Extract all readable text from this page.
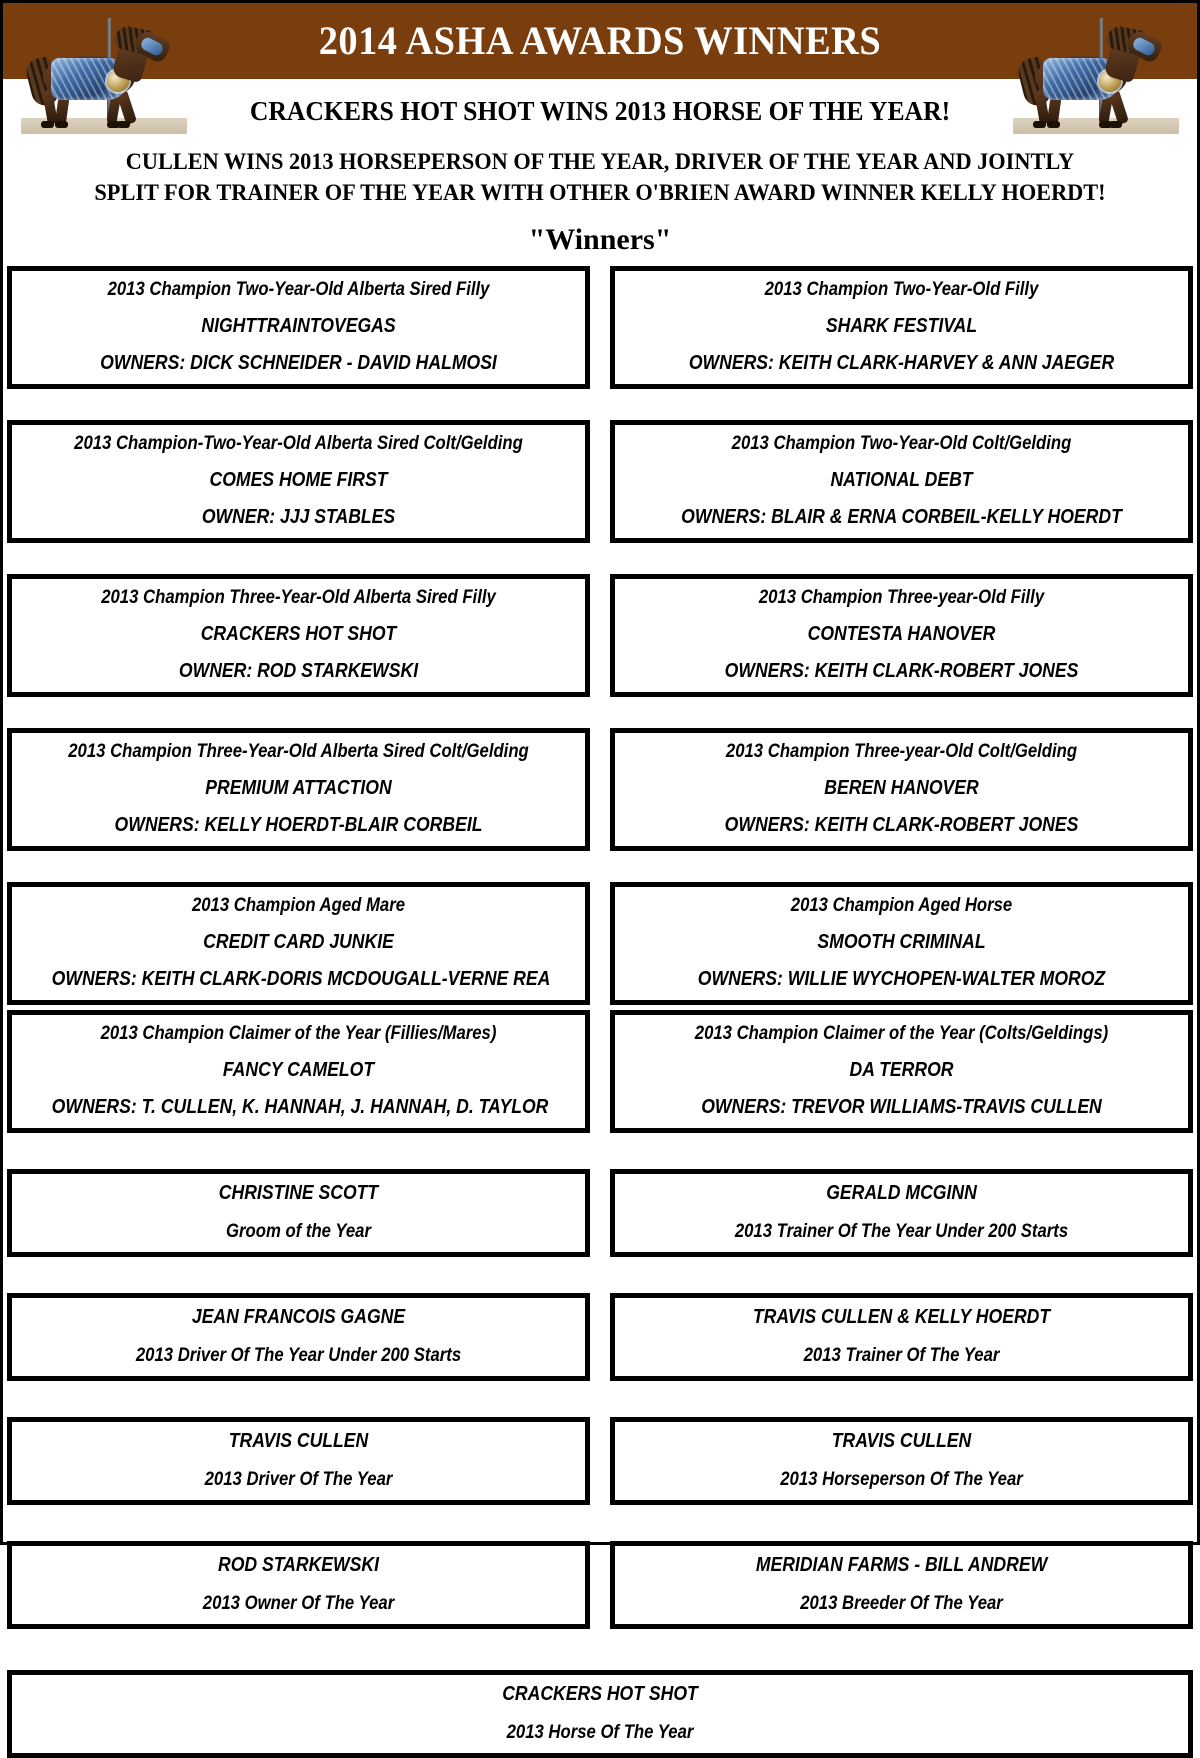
2014 ASHA AWARDS WINNERS
CRACKERS HOT SHOT WINS 2013 HORSE OF THE YEAR!
CULLEN WINS 2013 HORSEPERSON OF THE YEAR, DRIVER OF THE YEAR AND JOINTLY
SPLIT FOR TRAINER OF THE YEAR WITH OTHER O'BRIEN AWARD WINNER KELLY HOERDT!
"Winners"
2013 Champion Two-Year-Old Alberta Sired Filly
NIGHTTRAINTOVEGAS
OWNERS: DICK SCHNEIDER - DAVID HALMOSI
2013 Champion Two-Year-Old Filly
SHARK FESTIVAL
OWNERS: KEITH CLARK-HARVEY & ANN JAEGER
2013 Champion-Two-Year-Old Alberta Sired Colt/Gelding
COMES HOME FIRST
OWNER: JJJ STABLES
2013 Champion Two-Year-Old Colt/Gelding
NATIONAL DEBT
OWNERS: BLAIR & ERNA CORBEIL-KELLY HOERDT
2013 Champion Three-Year-Old Alberta Sired Filly
CRACKERS HOT SHOT
OWNER: ROD STARKEWSKI
2013 Champion Three-year-Old Filly
CONTESTA HANOVER
OWNERS: KEITH CLARK-ROBERT JONES
2013 Champion Three-Year-Old Alberta Sired Colt/Gelding
PREMIUM ATTACTION
OWNERS: KELLY HOERDT-BLAIR CORBEIL
2013 Champion Three-year-Old Colt/Gelding
BEREN HANOVER
OWNERS: KEITH CLARK-ROBERT JONES
2013 Champion Aged Mare
CREDIT CARD JUNKIE
OWNERS: KEITH CLARK-DORIS MCDOUGALL-VERNE REA
2013 Champion Aged Horse
SMOOTH CRIMINAL
OWNERS: WILLIE WYCHOPEN-WALTER MOROZ
2013 Champion Claimer of the Year (Fillies/Mares)
FANCY CAMELOT
OWNERS: T. CULLEN, K. HANNAH, J. HANNAH, D. TAYLOR
2013 Champion Claimer of the Year (Colts/Geldings)
DA TERROR
OWNERS: TREVOR WILLIAMS-TRAVIS CULLEN
CHRISTINE SCOTT
Groom of the Year
GERALD MCGINN
2013 Trainer Of The Year Under 200 Starts
JEAN FRANCOIS GAGNE
2013 Driver Of The Year Under 200 Starts
TRAVIS CULLEN & KELLY HOERDT
2013 Trainer Of The Year
TRAVIS CULLEN
2013 Driver Of The Year
TRAVIS CULLEN
2013 Horseperson Of The Year
ROD STARKEWSKI
2013 Owner Of The Year
MERIDIAN FARMS - BILL ANDREW
2013 Breeder Of The Year
CRACKERS HOT SHOT
2013 Horse Of The Year
